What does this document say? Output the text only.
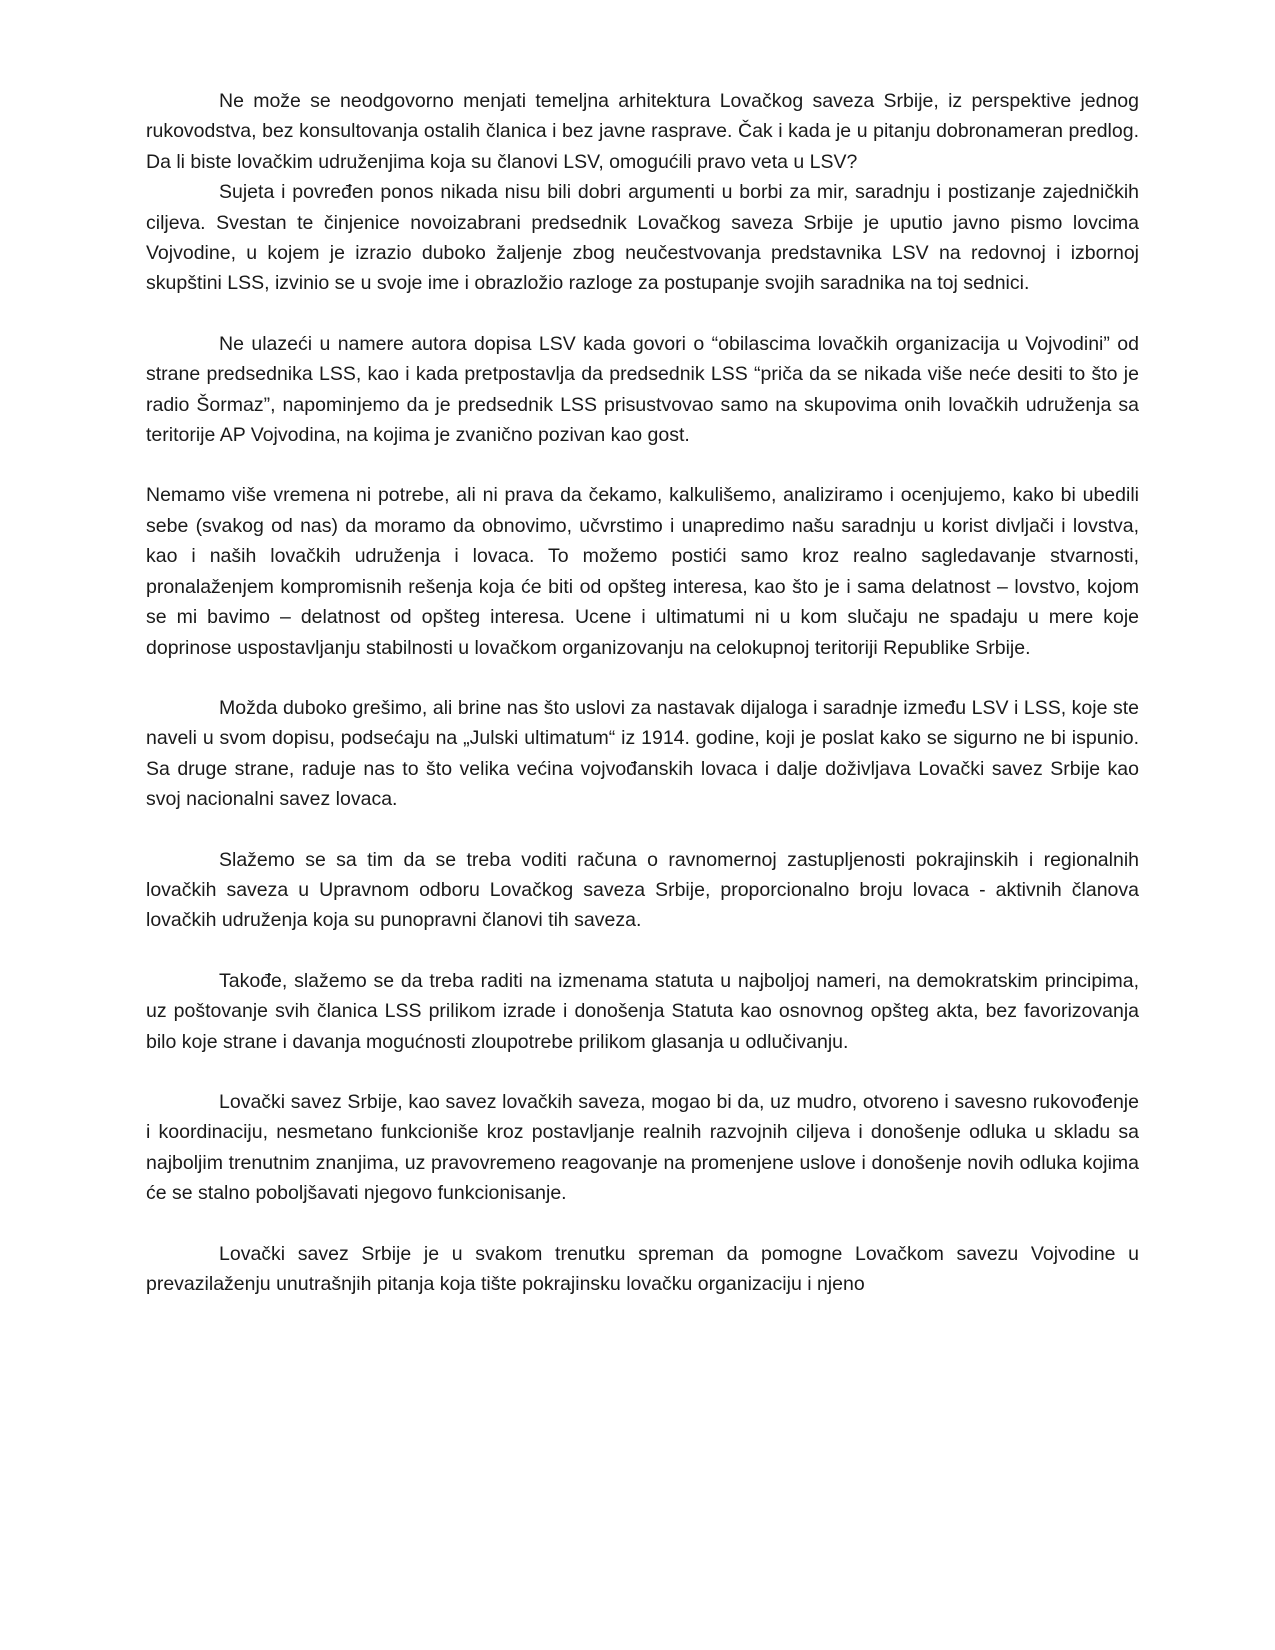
Ne može se neodgovorno menjati temeljna arhitektura Lovačkog saveza Srbije, iz perspektive jednog rukovodstva, bez konsultovanja ostalih članica i bez javne rasprave. Čak i kada je u pitanju dobronameran predlog. Da li biste lovačkim udruženjima koja su članovi LSV, omogućili pravo veta u LSV?

Sujeta i povređen ponos nikada nisu bili dobri argumenti u borbi za mir, saradnju i postizanje zajedničkih ciljeva. Svestan te činjenice novoizabrani predsednik Lovačkog saveza Srbije je uputio javno pismo lovcima Vojvodine, u kojem je izrazio duboko žaljenje zbog neučestvovanja predstavnika LSV na redovnoj i izbornoj skupštini LSS, izvinio se u svoje ime i obrazložio razloge za postupanje svojih saradnika na toj sednici.

Ne ulazeći u namere autora dopisa LSV kada govori o “obilascima lovačkih organizacija u Vojvodini” od strane predsednika LSS, kao i kada pretpostavlja da predsednik LSS “priča da se nikada više neće desiti to što je radio Šormaz”, napominjemo da je predsednik LSS prisustvovao samo na skupovima onih lovačkih udruženja sa teritorije AP Vojvodina, na kojima je zvanično pozivan kao gost.

Nemamo više vremena ni potrebe, ali ni prava da čekamo, kalkulišemo, analiziramo i ocenjujemo, kako bi ubedili sebe (svakog od nas) da moramo da obnovimo, učvrstimo i unapredimo našu saradnju u korist divljači i lovstva, kao i naših lovačkih udruženja i lovaca. To možemo postići samo kroz realno sagledavanje stvarnosti, pronalaženjem kompromisnih rešenja koja će biti od opšteg interesa, kao što je i sama delatnost – lovstvo, kojom se mi bavimo – delatnost od opšteg interesa. Ucene i ultimatumi ni u kom slučaju ne spadaju u mere koje doprinose uspostavljanju stabilnosti u lovačkom organizovanju na celokupnoj teritoriji Republike Srbije.

Možda duboko grešimo, ali brine nas što uslovi za nastavak dijaloga i saradnje između LSV i LSS, koje ste naveli u svom dopisu, podsećaju na „Julski ultimatum“ iz 1914. godine, koji je poslat kako se sigurno ne bi ispunio. Sa druge strane, raduje nas to što velika većina vojvođanskih lovaca i dalje doživljava Lovački savez Srbije kao svoj nacionalni savez lovaca.

Slažemo se sa tim da se treba voditi računa o ravnomernoj zastupljenosti pokrajinskih i regionalnih lovačkih saveza u Upravnom odboru Lovačkog saveza Srbije, proporcionalno broju lovaca - aktivnih članova lovačkih udruženja koja su punopravni članovi tih saveza.

Takođe, slažemo se da treba raditi na izmenama statuta u najboljoj nameri, na demokratskim principima, uz poštovanje svih članica LSS prilikom izrade i donošenja Statuta kao osnovnog opšteg akta, bez favorizovanja bilo koje strane i davanja mogućnosti zloupotrebe prilikom glasanja u odlučivanju.

Lovački savez Srbije, kao savez lovačkih saveza, mogao bi da, uz mudro, otvoreno i savesno rukovođenje i koordinaciju, nesmetano funkcioniše kroz postavljanje realnih razvojnih ciljeva i donošenje odluka u skladu sa najboljim trenutnim znanjima, uz pravovremeno reagovanje na promenjene uslove i donošenje novih odluka kojima će se stalno poboljšavati njegovo funkcionisanje.

Lovački savez Srbije je u svakom trenutku spreman da pomogne Lovačkom savezu Vojvodine u prevazilaženju unutrašnjih pitanja koja tište pokrajinsku lovačku organizaciju i njeno
